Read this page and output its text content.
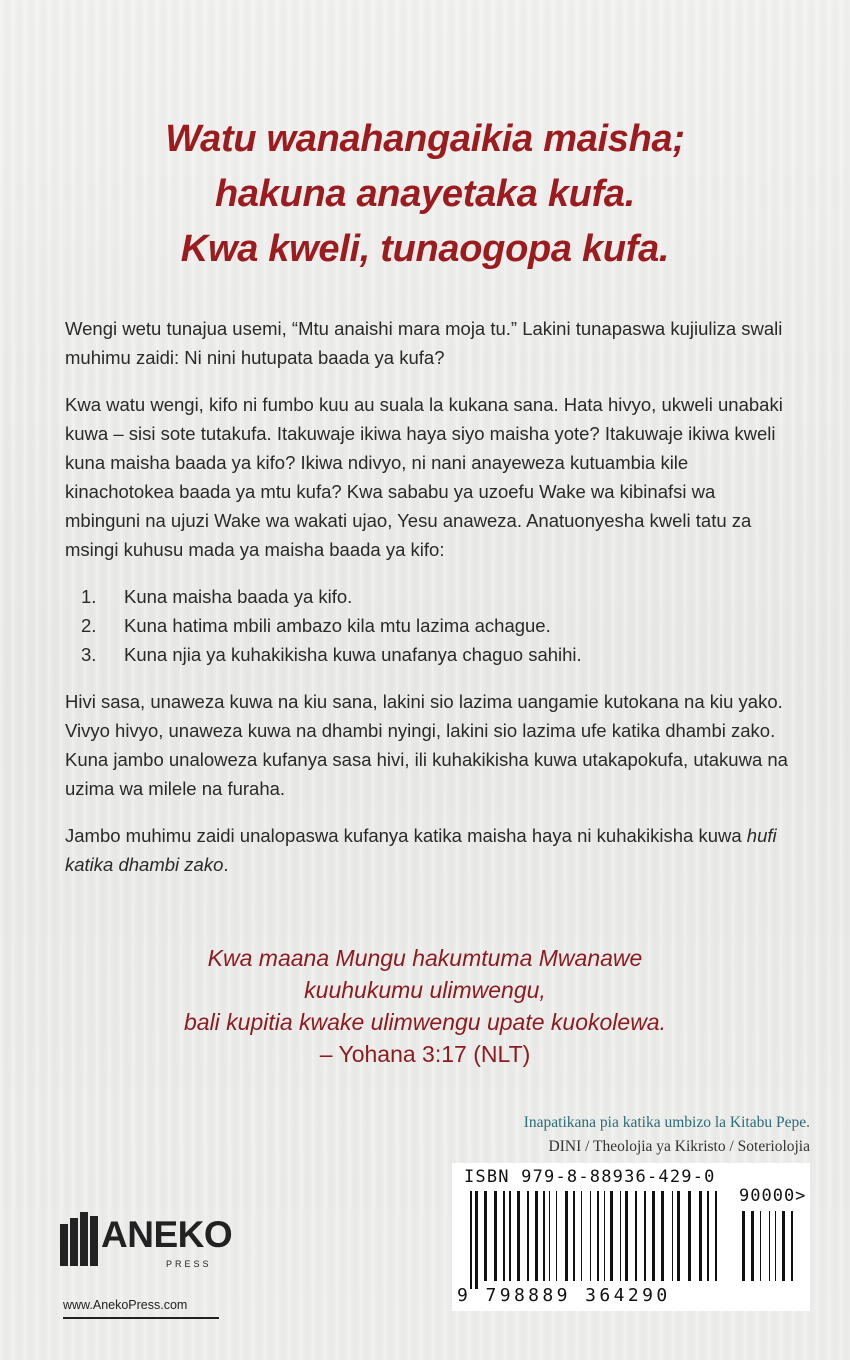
Watu wanahangaikia maisha;
hakuna anayetaka kufa.
Kwa kweli, tunaogopa kufa.

Wengi wetu tunajua usemi, “Mtu anaishi mara moja tu.” Lakini tunapaswa kujiuliza swali muhimu zaidi: Ni nini hutupata baada ya kufa?

Kwa watu wengi, kifo ni fumbo kuu au suala la kukana sana. Hata hivyo, ukweli unabaki kuwa – sisi sote tutakufa. Itakuwaje ikiwa haya siyo maisha yote? Itakuwaje ikiwa kweli kuna maisha baada ya kifo? Ikiwa ndivyo, ni nani anayeweza kutuambia kile kinachotokea baada ya mtu kufa? Kwa sababu ya uzoefu Wake wa kibinafsi wa mbinguni na ujuzi Wake wa wakati ujao, Yesu anaweza. Anatuonyesha kweli tatu za msingi kuhusu mada ya maisha baada ya kifo:

1. Kuna maisha baada ya kifo.
2. Kuna hatima mbili ambazo kila mtu lazima achague.
3. Kuna njia ya kuhakikisha kuwa unafanya chaguo sahihi.

Hivi sasa, unaweza kuwa na kiu sana, lakini sio lazima uangamie kutokana na kiu yako. Vivyo hivyo, unaweza kuwa na dhambi nyingi, lakini sio lazima ufe katika dhambi zako. Kuna jambo unaloweza kufanya sasa hivi, ili kuhakikisha kuwa utakapokufa, utakuwa na uzima wa milele na furaha.

Jambo muhimu zaidi unalopaswa kufanya katika maisha haya ni kuhakikisha kuwa hufi katika dhambi zako.

Kwa maana Mungu hakumtuma Mwanawe
kuuhukumu ulimwengu,
bali kupitia kwake ulimwengu upate kuokolewa.
– Yohana 3:17 (NLT)
Inapatikana pia katika umbizo la Kitabu Pepe.
DINI / Theolojia ya Kikristo / Soteriolojia
ISBN 979-8-88936-429-0
90000>
9 798889 364290
ANEKO
PRESS
www.AnekoPress.com
